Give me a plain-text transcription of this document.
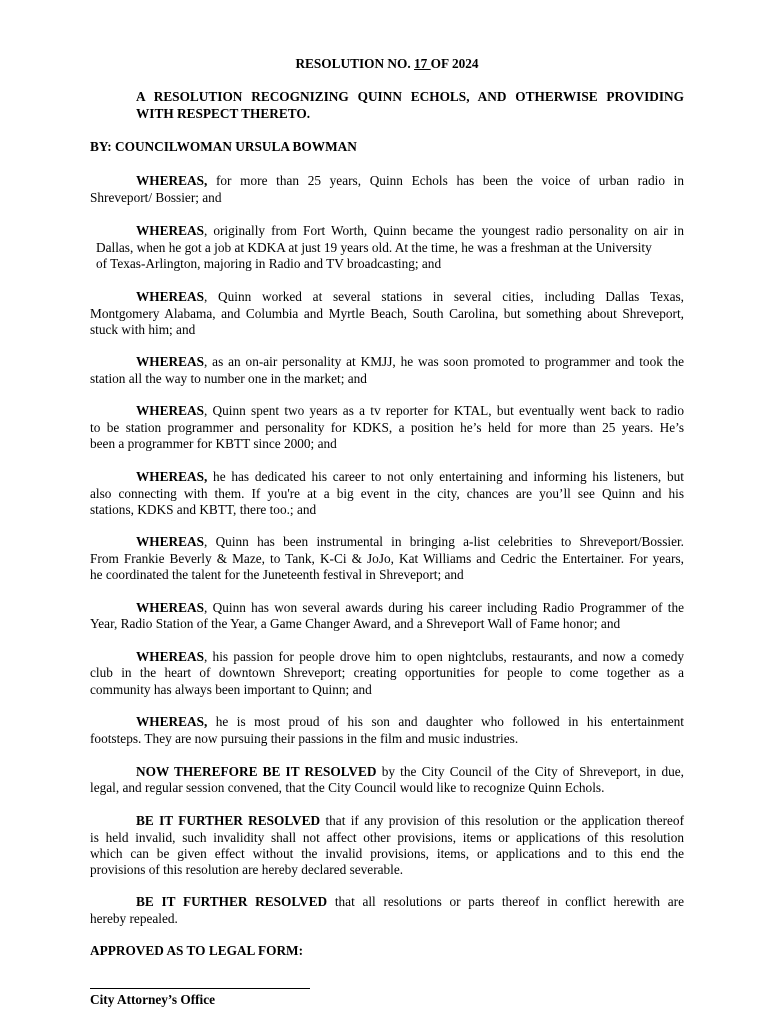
RESOLUTION NO. 17 OF 2024
A RESOLUTION RECOGNIZING QUINN ECHOLS, AND OTHERWISE PROVIDING
WITH RESPECT THERETO.
BY: COUNCILWOMAN URSULA BOWMAN
WHEREAS, for more than 25 years, Quinn Echols has been the voice of urban radio in
Shreveport/ Bossier; and
WHEREAS, originally from Fort Worth, Quinn became the youngest radio personality on air in
Dallas, when he got a job at KDKA at just 19 years old. At the time, he was a freshman at the University
of Texas-Arlington, majoring in Radio and TV broadcasting; and
WHEREAS, Quinn worked at several stations in several cities, including Dallas Texas,
Montgomery Alabama, and Columbia and Myrtle Beach, South Carolina, but something about Shreveport,
stuck with him; and
WHEREAS, as an on-air personality at KMJJ, he was soon promoted to programmer and took the
station all the way to number one in the market; and
WHEREAS, Quinn spent two years as a tv reporter for KTAL, but eventually went back to radio
to be station programmer and personality for KDKS, a position he’s held for more than 25 years. He’s
been a programmer for KBTT since 2000; and
WHEREAS, he has dedicated his career to not only entertaining and informing his listeners, but
also connecting with them. If you're at a big event in the city, chances are you’ll see Quinn and his
stations, KDKS and KBTT, there too.; and
WHEREAS, Quinn has been instrumental in bringing a-list celebrities to Shreveport/Bossier.
From Frankie Beverly & Maze, to Tank, K-Ci & JoJo, Kat Williams and Cedric the Entertainer. For years,
he coordinated the talent for the Juneteenth festival in Shreveport; and
WHEREAS, Quinn has won several awards during his career including Radio Programmer of the
Year, Radio Station of the Year, a Game Changer Award, and a Shreveport Wall of Fame honor; and
WHEREAS, his passion for people drove him to open nightclubs, restaurants, and now a comedy
club in the heart of downtown Shreveport; creating opportunities for people to come together as a
community has always been important to Quinn; and
WHEREAS, he is most proud of his son and daughter who followed in his entertainment
footsteps. They are now pursuing their passions in the film and music industries.
NOW THEREFORE BE IT RESOLVED by the City Council of the City of Shreveport, in due,
legal, and regular session convened, that the City Council would like to recognize Quinn Echols.
BE IT FURTHER RESOLVED that if any provision of this resolution or the application thereof
is held invalid, such invalidity shall not affect other provisions, items or applications of this resolution
which can be given effect without the invalid provisions, items, or applications and to this end the
provisions of this resolution are hereby declared severable.
BE IT FURTHER RESOLVED that all resolutions or parts thereof in conflict herewith are
hereby repealed.
APPROVED AS TO LEGAL FORM:
City Attorney’s Office
